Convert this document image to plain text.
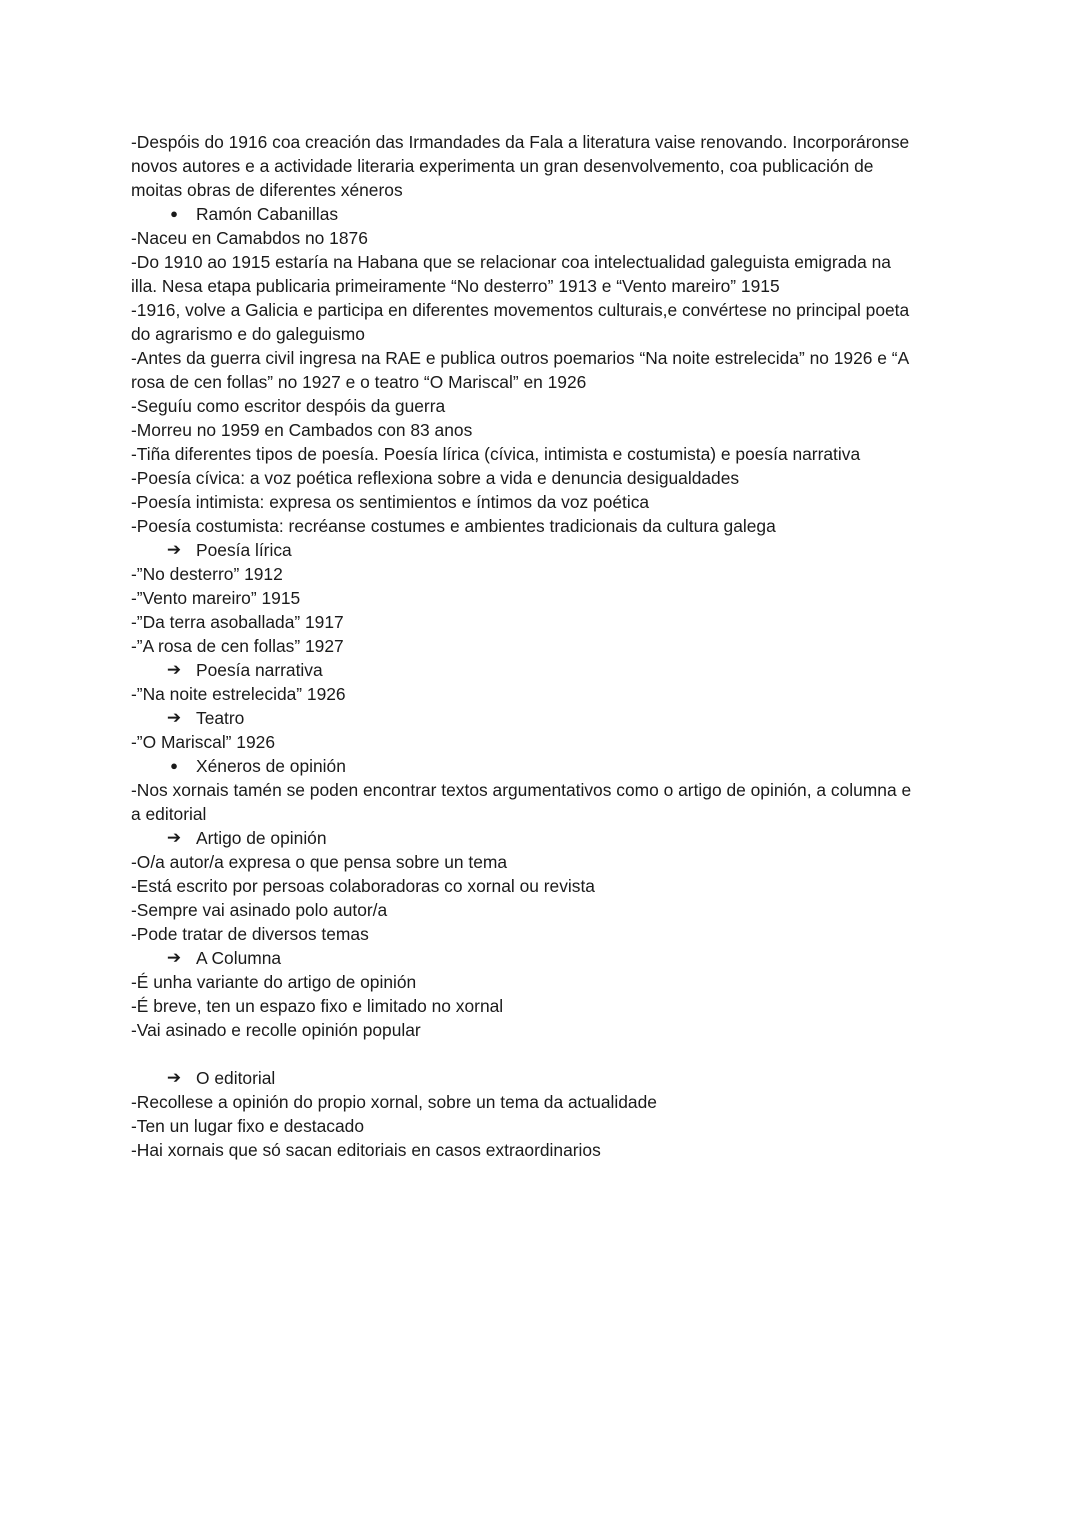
-Despóis do 1916 coa creación das Irmandades da Fala a literatura vaise renovando. Incorporáronse
novos autores e a actividade literaria experimenta un gran desenvolvemento, coa publicación de
moitas obras de diferentes xéneros
●	Ramón Cabanillas
-Naceu en Camabdos no 1876
-Do 1910 ao 1915 estaría na Habana que se relacionar coa intelectualidad galeguista emigrada na
illa. Nesa etapa publicaria primeiramente “No desterro” 1913 e “Vento mareiro” 1915
-1916, volve a Galicia e participa en diferentes movementos culturais,e convértese no principal poeta
do agrarismo e do galeguismo
-Antes da guerra civil ingresa na RAE e publica outros poemarios “Na noite estrelecida” no 1926 e “A
rosa de cen follas” no 1927 e o teatro “O Mariscal” en 1926
-Seguíu como escritor despóis da guerra
-Morreu no 1959 en Cambados con 83 anos
-Tiña diferentes tipos de poesía. Poesía lírica (cívica, intimista e costumista) e poesía narrativa
-Poesía cívica: a voz poética reflexiona sobre a vida e denuncia desigualdades
-Poesía intimista: expresa os sentimientos e íntimos da voz poética
-Poesía costumista: recréanse costumes e ambientes tradicionais da cultura galega
➔ Poesía lírica
-”No desterro” 1912
-”Vento mareiro” 1915
-”Da terra asoballada” 1917
-”A rosa de cen follas” 1927
➔ Poesía narrativa
-”Na noite estrelecida” 1926
➔ Teatro
-”O Mariscal” 1926
●	Xéneros de opinión
-Nos xornais tamén se poden encontrar textos argumentativos como o artigo de opinión, a columna e
a editorial
➔ Artigo de opinión
-O/a autor/a expresa o que pensa sobre un tema
-Está escrito por persoas colaboradoras co xornal ou revista
-Sempre vai asinado polo autor/a
-Pode tratar de diversos temas
➔ A Columna
-É unha variante do artigo de opinión
-É breve, ten un espazo fixo e limitado no xornal
-Vai asinado e recolle opinión popular
➔ O editorial
-Recollese a opinión do propio xornal, sobre un tema da actualidade
-Ten un lugar fixo e destacado
-Hai xornais que só sacan editoriais en casos extraordinarios
